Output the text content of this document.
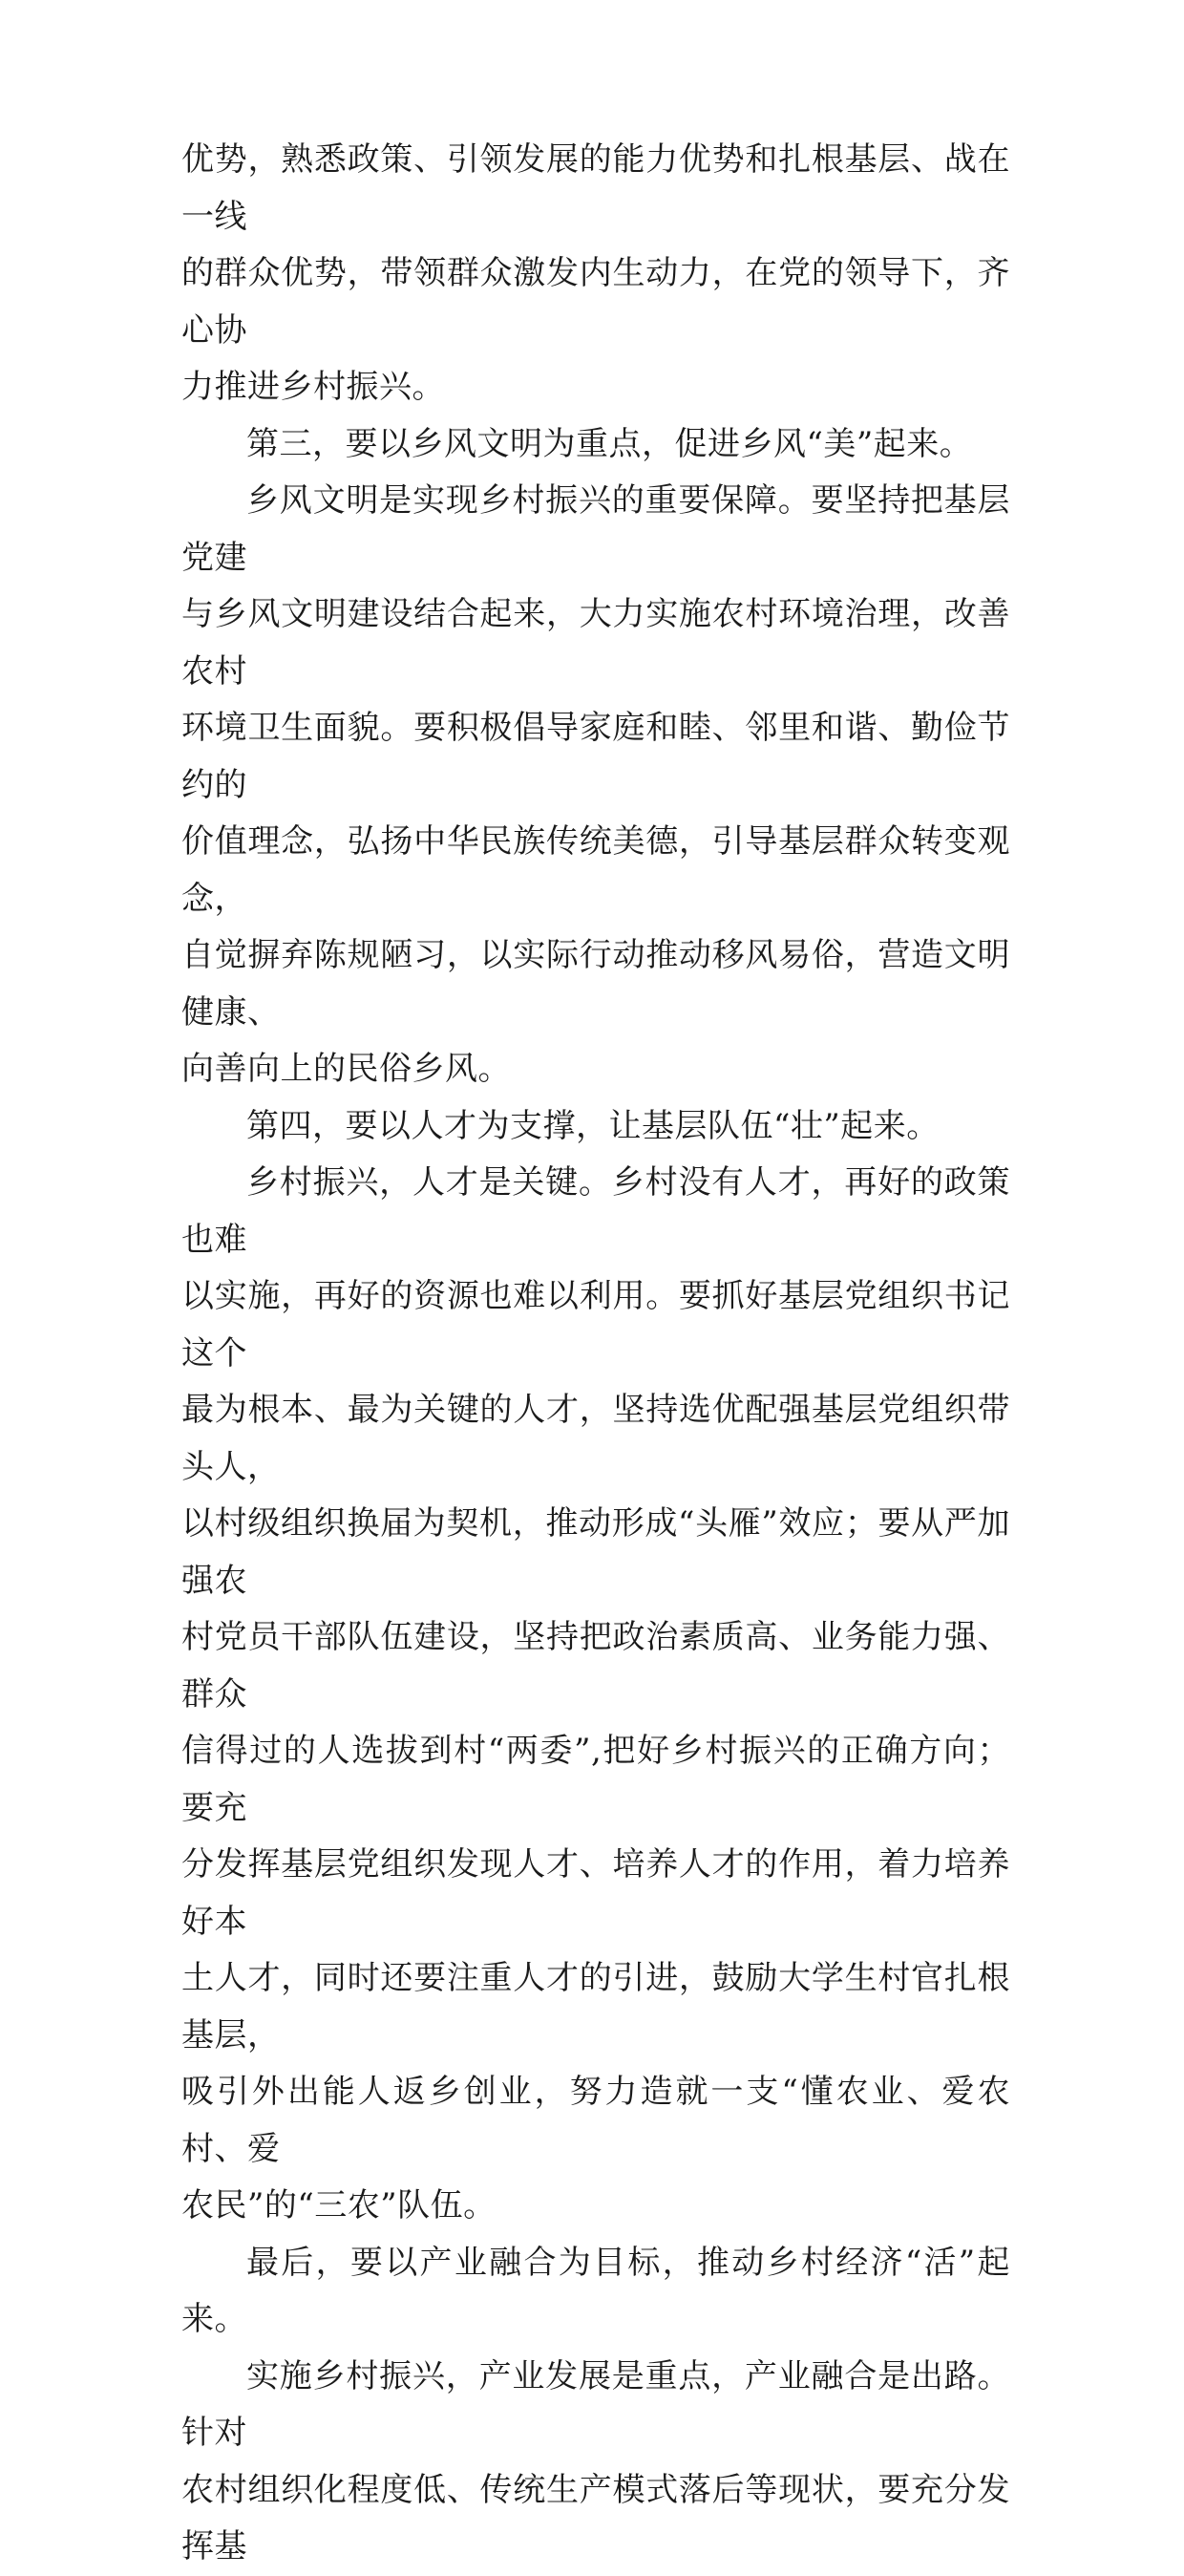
优势，熟悉政策、引领发展的能力优势和扎根基层、战在一线
的群众优势，带领群众激发内生动力，在党的领导下，齐心协
力推进乡村振兴。

第三，要以乡风文明为重点，促进乡风“美”起来。

乡风文明是实现乡村振兴的重要保障。要坚持把基层党建
与乡风文明建设结合起来，大力实施农村环境治理，改善农村
环境卫生面貌。要积极倡导家庭和睦、邻里和谐、勤俭节约的
价值理念，弘扬中华民族传统美德，引导基层群众转变观念，
自觉摒弃陈规陋习，以实际行动推动移风易俗，营造文明健康、
向善向上的民俗乡风。

第四，要以人才为支撑，让基层队伍“壮”起来。

乡村振兴，人才是关键。乡村没有人才，再好的政策也难
以实施，再好的资源也难以利用。要抓好基层党组织书记这个
最为根本、最为关键的人才，坚持选优配强基层党组织带头人，
以村级组织换届为契机，推动形成“头雁”效应；要从严加强农
村党员干部队伍建设，坚持把政治素质高、业务能力强、群众
信得过的人选拔到村“两委”,把好乡村振兴的正确方向；要充
分发挥基层党组织发现人才、培养人才的作用，着力培养好本
土人才，同时还要注重人才的引进，鼓励大学生村官扎根基层，
吸引外出能人返乡创业，努力造就一支“懂农业、爱农村、爱
农民”的“三农”队伍。

最后，要以产业融合为目标，推动乡村经济“活”起来。

实施乡村振兴，产业发展是重点，产业融合是出路。针对
农村组织化程度低、传统生产模式落后等现状，要充分发挥基
